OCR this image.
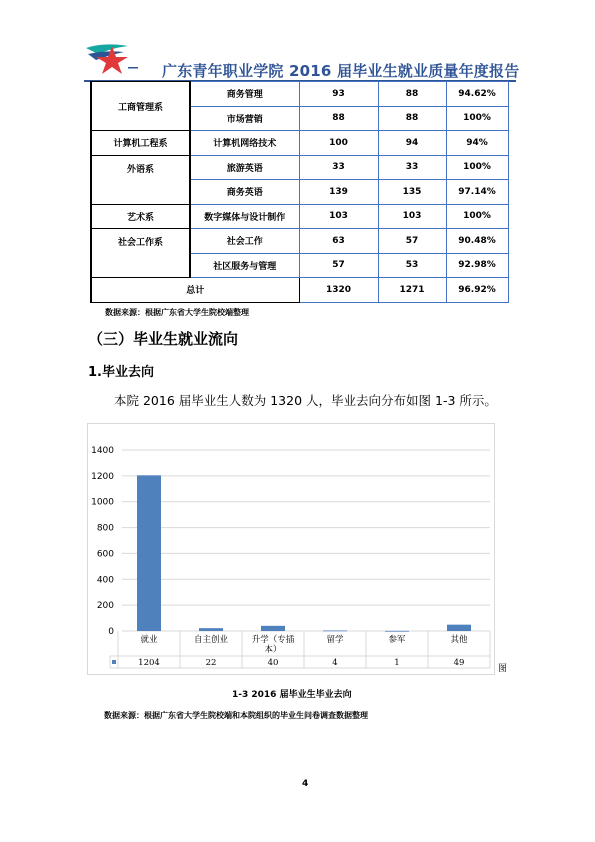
广东青年职业学院 2016 届毕业生就业质量年度报告
工商管理系	商务管理	93	88	94.62%
	市场营销	88	88	100%
计算机工程系	计算机网络技术	100	94	94%
外语系	旅游英语	33	33	100%
	商务英语	139	135	97.14%
艺术系	数字媒体与设计制作	103	103	100%
社会工作系	社会工作	63	57	90.48%
	社区服务与管理	57	53	92.98%
总计		1320	1271	96.92%
数据来源：根据广东省大学生院校端整理
（三）毕业生就业流向
1.毕业去向
本院 2016 届毕业生人数为 1320 人，毕业去向分布如图 1-3 所示。
0
200
400
600
800
1000
1200
1400
就业
1204
自主创业
22
升学（专插
本）
40
留学
4
参军
1
其他
49
图
1-3 2016 届毕业生毕业去向
数据来源：根据广东省大学生院校端和本院组织的毕业生问卷调查数据整理
4
